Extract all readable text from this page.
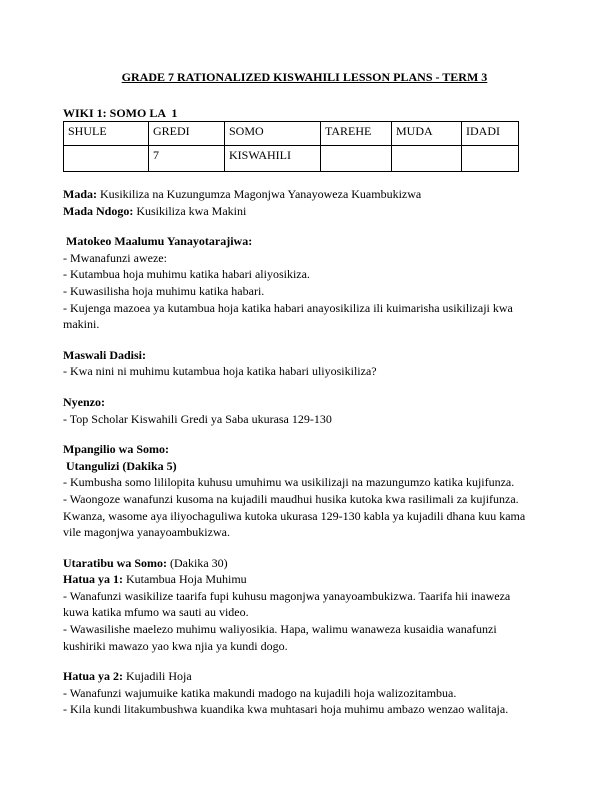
GRADE 7 RATIONALIZED KISWAHILI LESSON PLANS - TERM 3
WIKI 1: SOMO LA  1
SHULE	GREDI	SOMO	TAREHE	MUDA	IDADI
	7	KISWAHILI			
Mada: Kusikiliza na Kuzungumza Magonjwa Yanayoweza Kuambukizwa
Mada Ndogo: Kusikiliza kwa Makini
Matokeo Maalumu Yanayotarajiwa:
- Mwanafunzi aweze:
- Kutambua hoja muhimu katika habari aliyosikiza.
- Kuwasilisha hoja muhimu katika habari.
- Kujenga mazoea ya kutambua hoja katika habari anayosikiliza ili kuimarisha usikilizaji kwa
makini.
Maswali Dadisi:
- Kwa nini ni muhimu kutambua hoja katika habari uliyosikiliza?
Nyenzo:
- Top Scholar Kiswahili Gredi ya Saba ukurasa 129-130
Mpangilio wa Somo:
Utangulizi (Dakika 5)
- Kumbusha somo lililopita kuhusu umuhimu wa usikilizaji na mazungumzo katika kujifunza.
- Waongoze wanafunzi kusoma na kujadili maudhui husika kutoka kwa rasilimali za kujifunza.
Kwanza, wasome aya iliyochaguliwa kutoka ukurasa 129-130 kabla ya kujadili dhana kuu kama
vile magonjwa yanayoambukizwa.
Utaratibu wa Somo: (Dakika 30)
Hatua ya 1: Kutambua Hoja Muhimu
- Wanafunzi wasikilize taarifa fupi kuhusu magonjwa yanayoambukizwa. Taarifa hii inaweza
kuwa katika mfumo wa sauti au video.
- Wawasilishe maelezo muhimu waliyosikia. Hapa, walimu wanaweza kusaidia wanafunzi
kushiriki mawazo yao kwa njia ya kundi dogo.
Hatua ya 2: Kujadili Hoja
- Wanafunzi wajumuike katika makundi madogo na kujadili hoja walizozitambua.
- Kila kundi litakumbushwa kuandika kwa muhtasari hoja muhimu ambazo wenzao walitaja.
